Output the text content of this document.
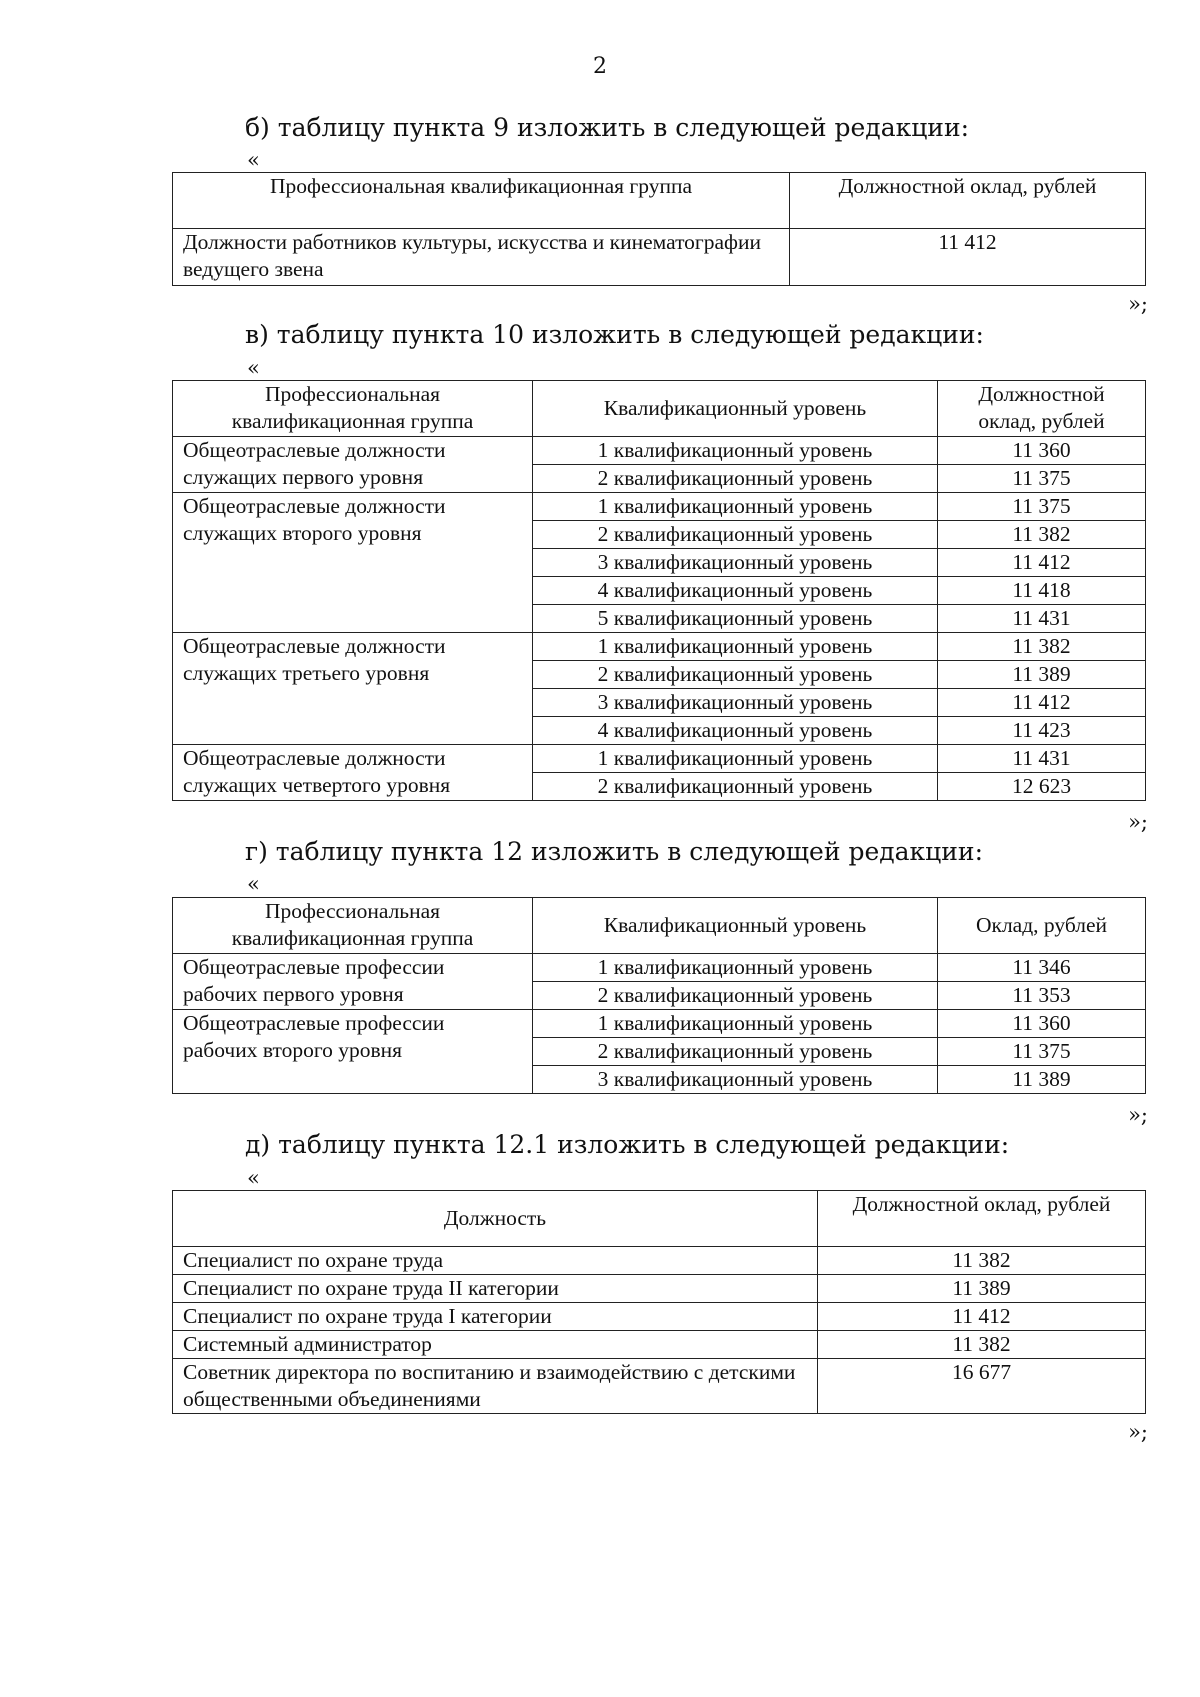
2
б) таблицу пункта 9 изложить в следующей редакции:
«
Профессиональная квалификационная группа	Должностной оклад, рублей
Должности работников культуры, искусства и кинематографии ведущего звена	11 412
»;
в) таблицу пункта 10 изложить в следующей редакции:
«
Профессиональная квалификационная группа	Квалификационный уровень	Должностной оклад, рублей
Общеотраслевые должности служащих первого уровня	1 квалификационный уровень	11 360
	2 квалификационный уровень	11 375
Общеотраслевые должности служащих второго уровня	1 квалификационный уровень	11 375
	2 квалификационный уровень	11 382
	3 квалификационный уровень	11 412
	4 квалификационный уровень	11 418
	5 квалификационный уровень	11 431
Общеотраслевые должности служащих третьего уровня	1 квалификационный уровень	11 382
	2 квалификационный уровень	11 389
	3 квалификационный уровень	11 412
	4 квалификационный уровень	11 423
Общеотраслевые должности служащих четвертого уровня	1 квалификационный уровень	11 431
	2 квалификационный уровень	12 623
»;
г) таблицу пункта 12 изложить в следующей редакции:
«
Профессиональная квалификационная группа	Квалификационный уровень	Оклад, рублей
Общеотраслевые профессии рабочих первого уровня	1 квалификационный уровень	11 346
	2 квалификационный уровень	11 353
Общеотраслевые профессии рабочих второго уровня	1 квалификационный уровень	11 360
	2 квалификационный уровень	11 375
	3 квалификационный уровень	11 389
»;
д) таблицу пункта 12.1 изложить в следующей редакции:
«
Должность	Должностной оклад, рублей
Специалист по охране труда	11 382
Специалист по охране труда II категории	11 389
Специалист по охране труда I категории	11 412
Системный администратор	11 382
Советник директора по воспитанию и взаимодействию с детскими общественными объединениями	16 677
»;
